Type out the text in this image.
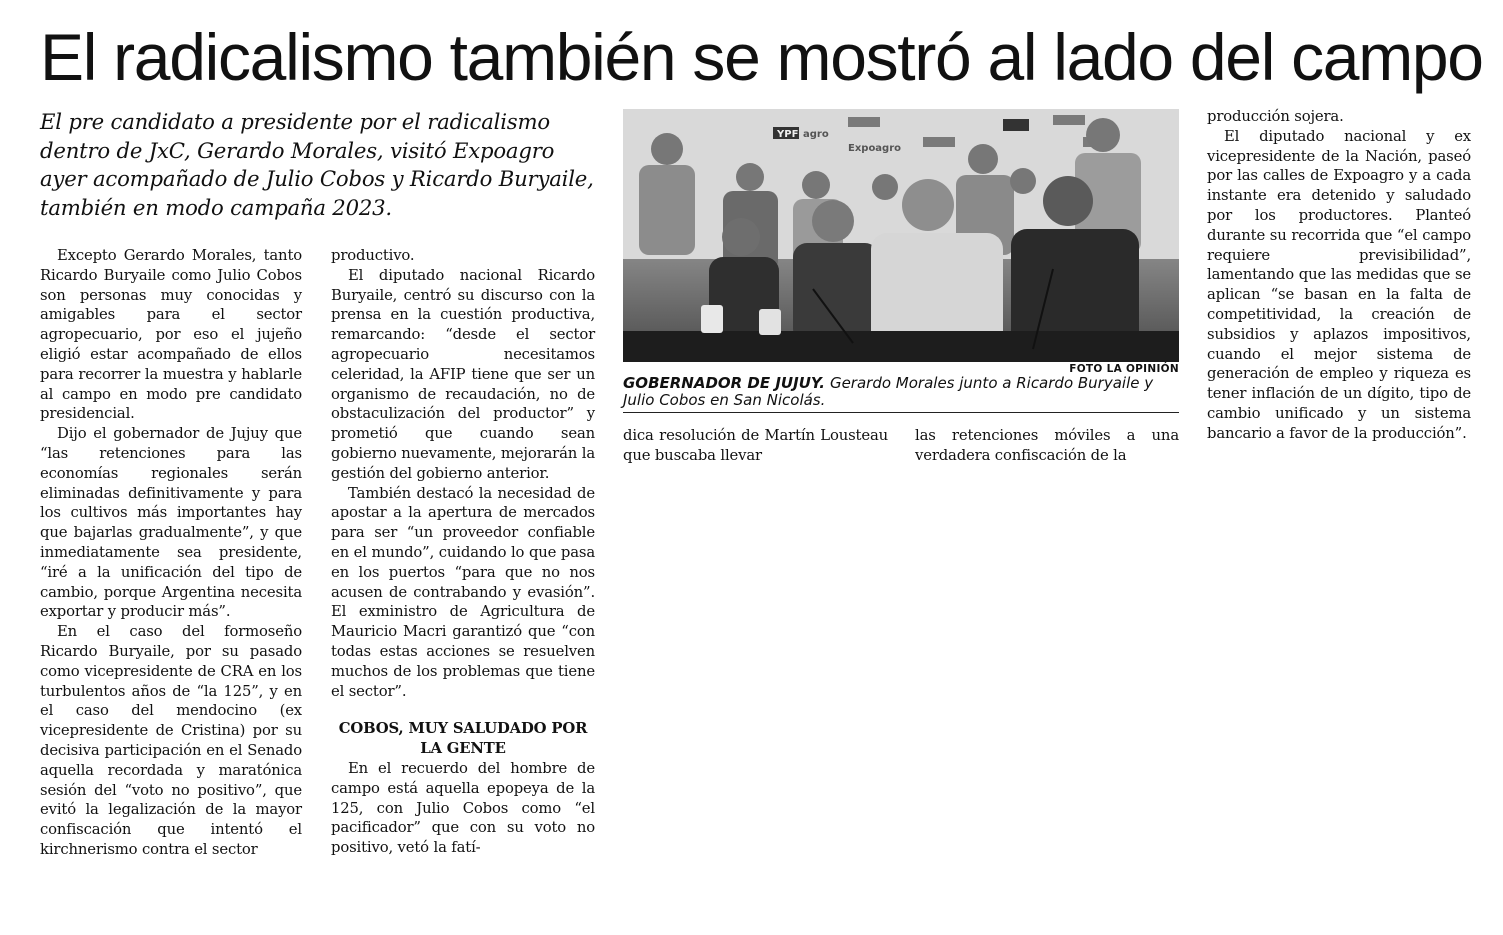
El radicalismo también se mostró al lado del campo

El pre candidato a presidente por el radicalismo dentro de JxC, Gerardo Morales, visitó Expoagro ayer acompañado de Julio Cobos y Ricardo Buryaile, también en modo campaña 2023.

Excepto Gerardo Morales, tanto Ricardo Buryaile como Julio Cobos son personas muy conocidas y amigables para el sector agropecuario, por eso el jujeño eligió estar acompañado de ellos para recorrer la muestra y hablarle al campo en modo pre candidato presidencial.

Dijo el gobernador de Jujuy que “las retenciones para las economías regionales serán eliminadas definitivamente y para los cultivos más importantes hay que bajarlas gradualmente”, y que inmediatamente sea presidente, “iré a la unificación del tipo de cambio, porque Argentina necesita exportar y producir más”.

En el caso del formoseño Ricardo Buryaile, por su pasado como vicepresidente de CRA en los turbulentos años de “la 125”, y en el caso del mendocino (ex vicepresidente de Cristina) por su decisiva participación en el Senado aquella recordada y maratónica sesión del “voto no positivo”, que evitó la legalización de la mayor confiscación que intentó el kirchnerismo contra el sector

productivo.

El diputado nacional Ricardo Buryaile, centró su discurso con la prensa en la cuestión productiva, remarcando: “desde el sector agropecuario necesitamos celeridad, la AFIP tiene que ser un organismo de recaudación, no de obstaculización del productor” y prometió que cuando sean gobierno nuevamente, mejorarán la gestión del gobierno anterior.

También destacó la necesidad de apostar a la apertura de mercados para ser “un proveedor confiable en el mundo”, cuidando lo que pasa en los puertos “para que no nos acusen de contrabando y evasión”. El exministro de Agricultura de Mauricio Macri garantizó que “con todas estas acciones se resuelven muchos de los problemas que tiene el sector”.

COBOS, MUY SALUDADO POR LA GENTE

En el recuerdo del hombre de campo está aquella epopeya de la 125, con Julio Cobos como “el pacificador” que con su voto no positivo, vetó la fatí-

YPF agro
Expoagro

FOTO LA OPINIÓN

GOBERNADOR DE JUJUY. Gerardo Morales junto a Ricardo Buryaile y Julio Cobos en San Nicolás.

dica resolución de Martín Lousteau que buscaba llevar

las retenciones móviles a una verdadera confiscación de la

producción sojera.

El diputado nacional y ex vicepresidente de la Nación, paseó por las calles de Expoagro y a cada instante era detenido y saludado por los productores. Planteó durante su recorrida que “el campo requiere previsibilidad”, lamentando que las medidas que se aplican “se basan en la falta de competitividad, la creación de subsidios y aplazos impositivos, cuando el mejor sistema de generación de empleo y riqueza es tener inflación de un dígito, tipo de cambio unificado y un sistema bancario a favor de la producción”.
